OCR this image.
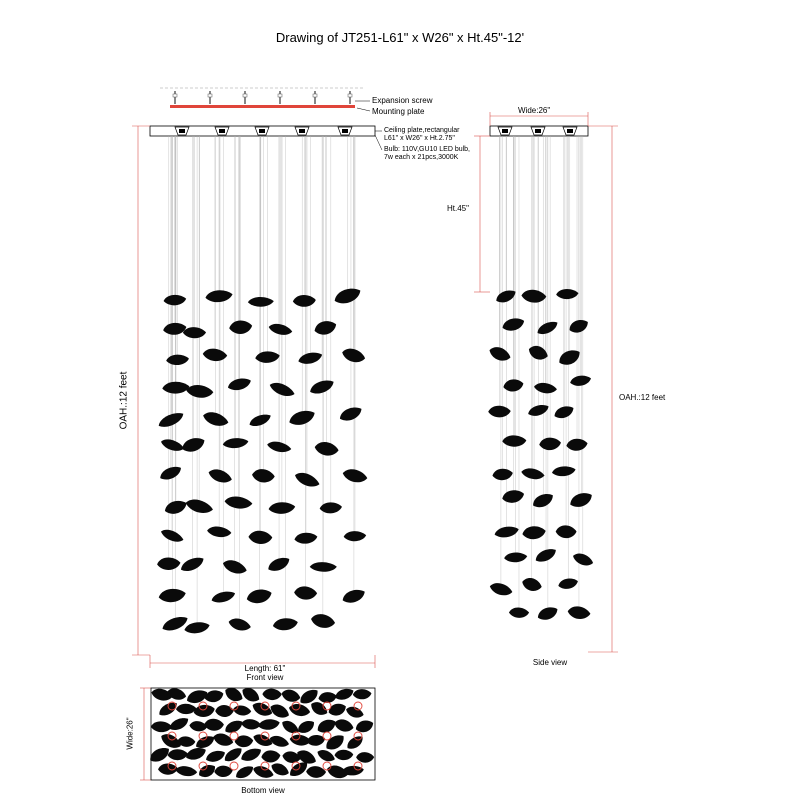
Drawing of JT251-L61" x W26" x Ht.45"-12'
Expansion screw
Mounting plate
Ceiling plate,rectangular
L61" x W26" x Ht.2.75"
Bulb: 110V,GU10 LED bulb,
7w each x 21pcs,3000K
Wide:26"
Ht.45"
OAH.:12 feet
OAH.:12 feet
Length: 61"
Front view
Side view
Wide:26"
Bottom view
